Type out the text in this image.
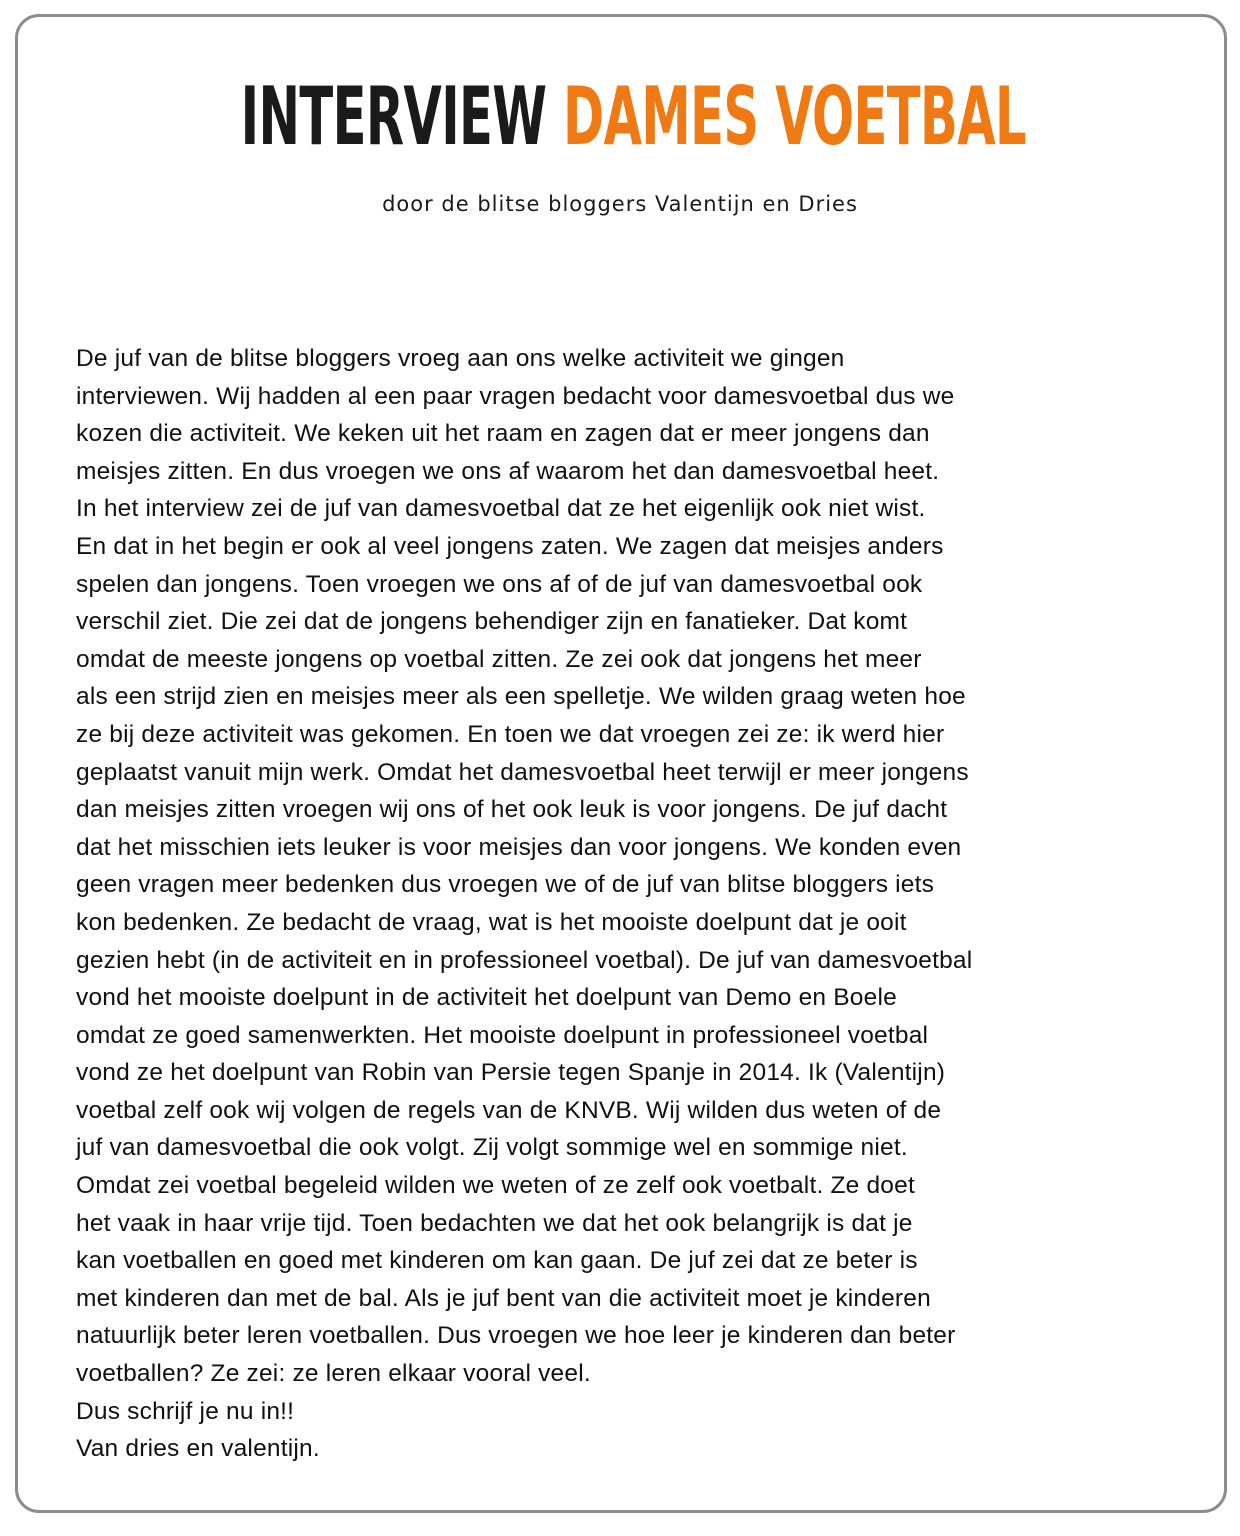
INTERVIEW DAMES VOETBAL
door de blitse bloggers Valentijn en Dries
De juf van de blitse bloggers vroeg aan ons welke activiteit we gingen
interviewen. Wij hadden al een paar vragen bedacht voor damesvoetbal dus we
kozen die activiteit. We keken uit het raam en zagen dat er meer jongens dan
meisjes zitten. En dus vroegen we ons af waarom het dan damesvoetbal heet.
In het interview zei de juf van damesvoetbal dat ze het eigenlijk ook niet wist.
En dat in het begin er ook al veel jongens zaten. We zagen dat meisjes anders
spelen dan jongens. Toen vroegen we ons af of de juf van damesvoetbal ook
verschil ziet. Die zei dat de jongens behendiger zijn en fanatieker. Dat komt
omdat de meeste jongens op voetbal zitten. Ze zei ook dat jongens het meer
als een strijd zien en meisjes meer als een spelletje. We wilden graag weten hoe
ze bij deze activiteit was gekomen. En toen we dat vroegen zei ze: ik werd hier
geplaatst vanuit mijn werk. Omdat het damesvoetbal heet terwijl er meer jongens
dan meisjes zitten vroegen wij ons of het ook leuk is voor jongens. De juf dacht
dat het misschien iets leuker is voor meisjes dan voor jongens. We konden even
geen vragen meer bedenken dus vroegen we of de juf van blitse bloggers iets
kon bedenken. Ze bedacht de vraag, wat is het mooiste doelpunt dat je ooit
gezien hebt (in de activiteit en in professioneel voetbal). De juf van damesvoetbal
vond het mooiste doelpunt in de activiteit het doelpunt van Demo en Boele
omdat ze goed samenwerkten. Het mooiste doelpunt in professioneel voetbal
vond ze het doelpunt van Robin van Persie tegen Spanje in 2014. Ik (Valentijn)
voetbal zelf ook wij volgen de regels van de KNVB. Wij wilden dus weten of de
juf van damesvoetbal die ook volgt. Zij volgt sommige wel en sommige niet.
Omdat zei voetbal begeleid wilden we weten of ze zelf ook voetbalt. Ze doet
het vaak in haar vrije tijd. Toen bedachten we dat het ook belangrijk is dat je
kan voetballen en goed met kinderen om kan gaan. De juf zei dat ze beter is
met kinderen dan met de bal. Als je juf bent van die activiteit moet je kinderen
natuurlijk beter leren voetballen. Dus vroegen we hoe leer je kinderen dan beter
voetballen? Ze zei: ze leren elkaar vooral veel.
Dus schrijf je nu in!!
Van dries en valentijn.
